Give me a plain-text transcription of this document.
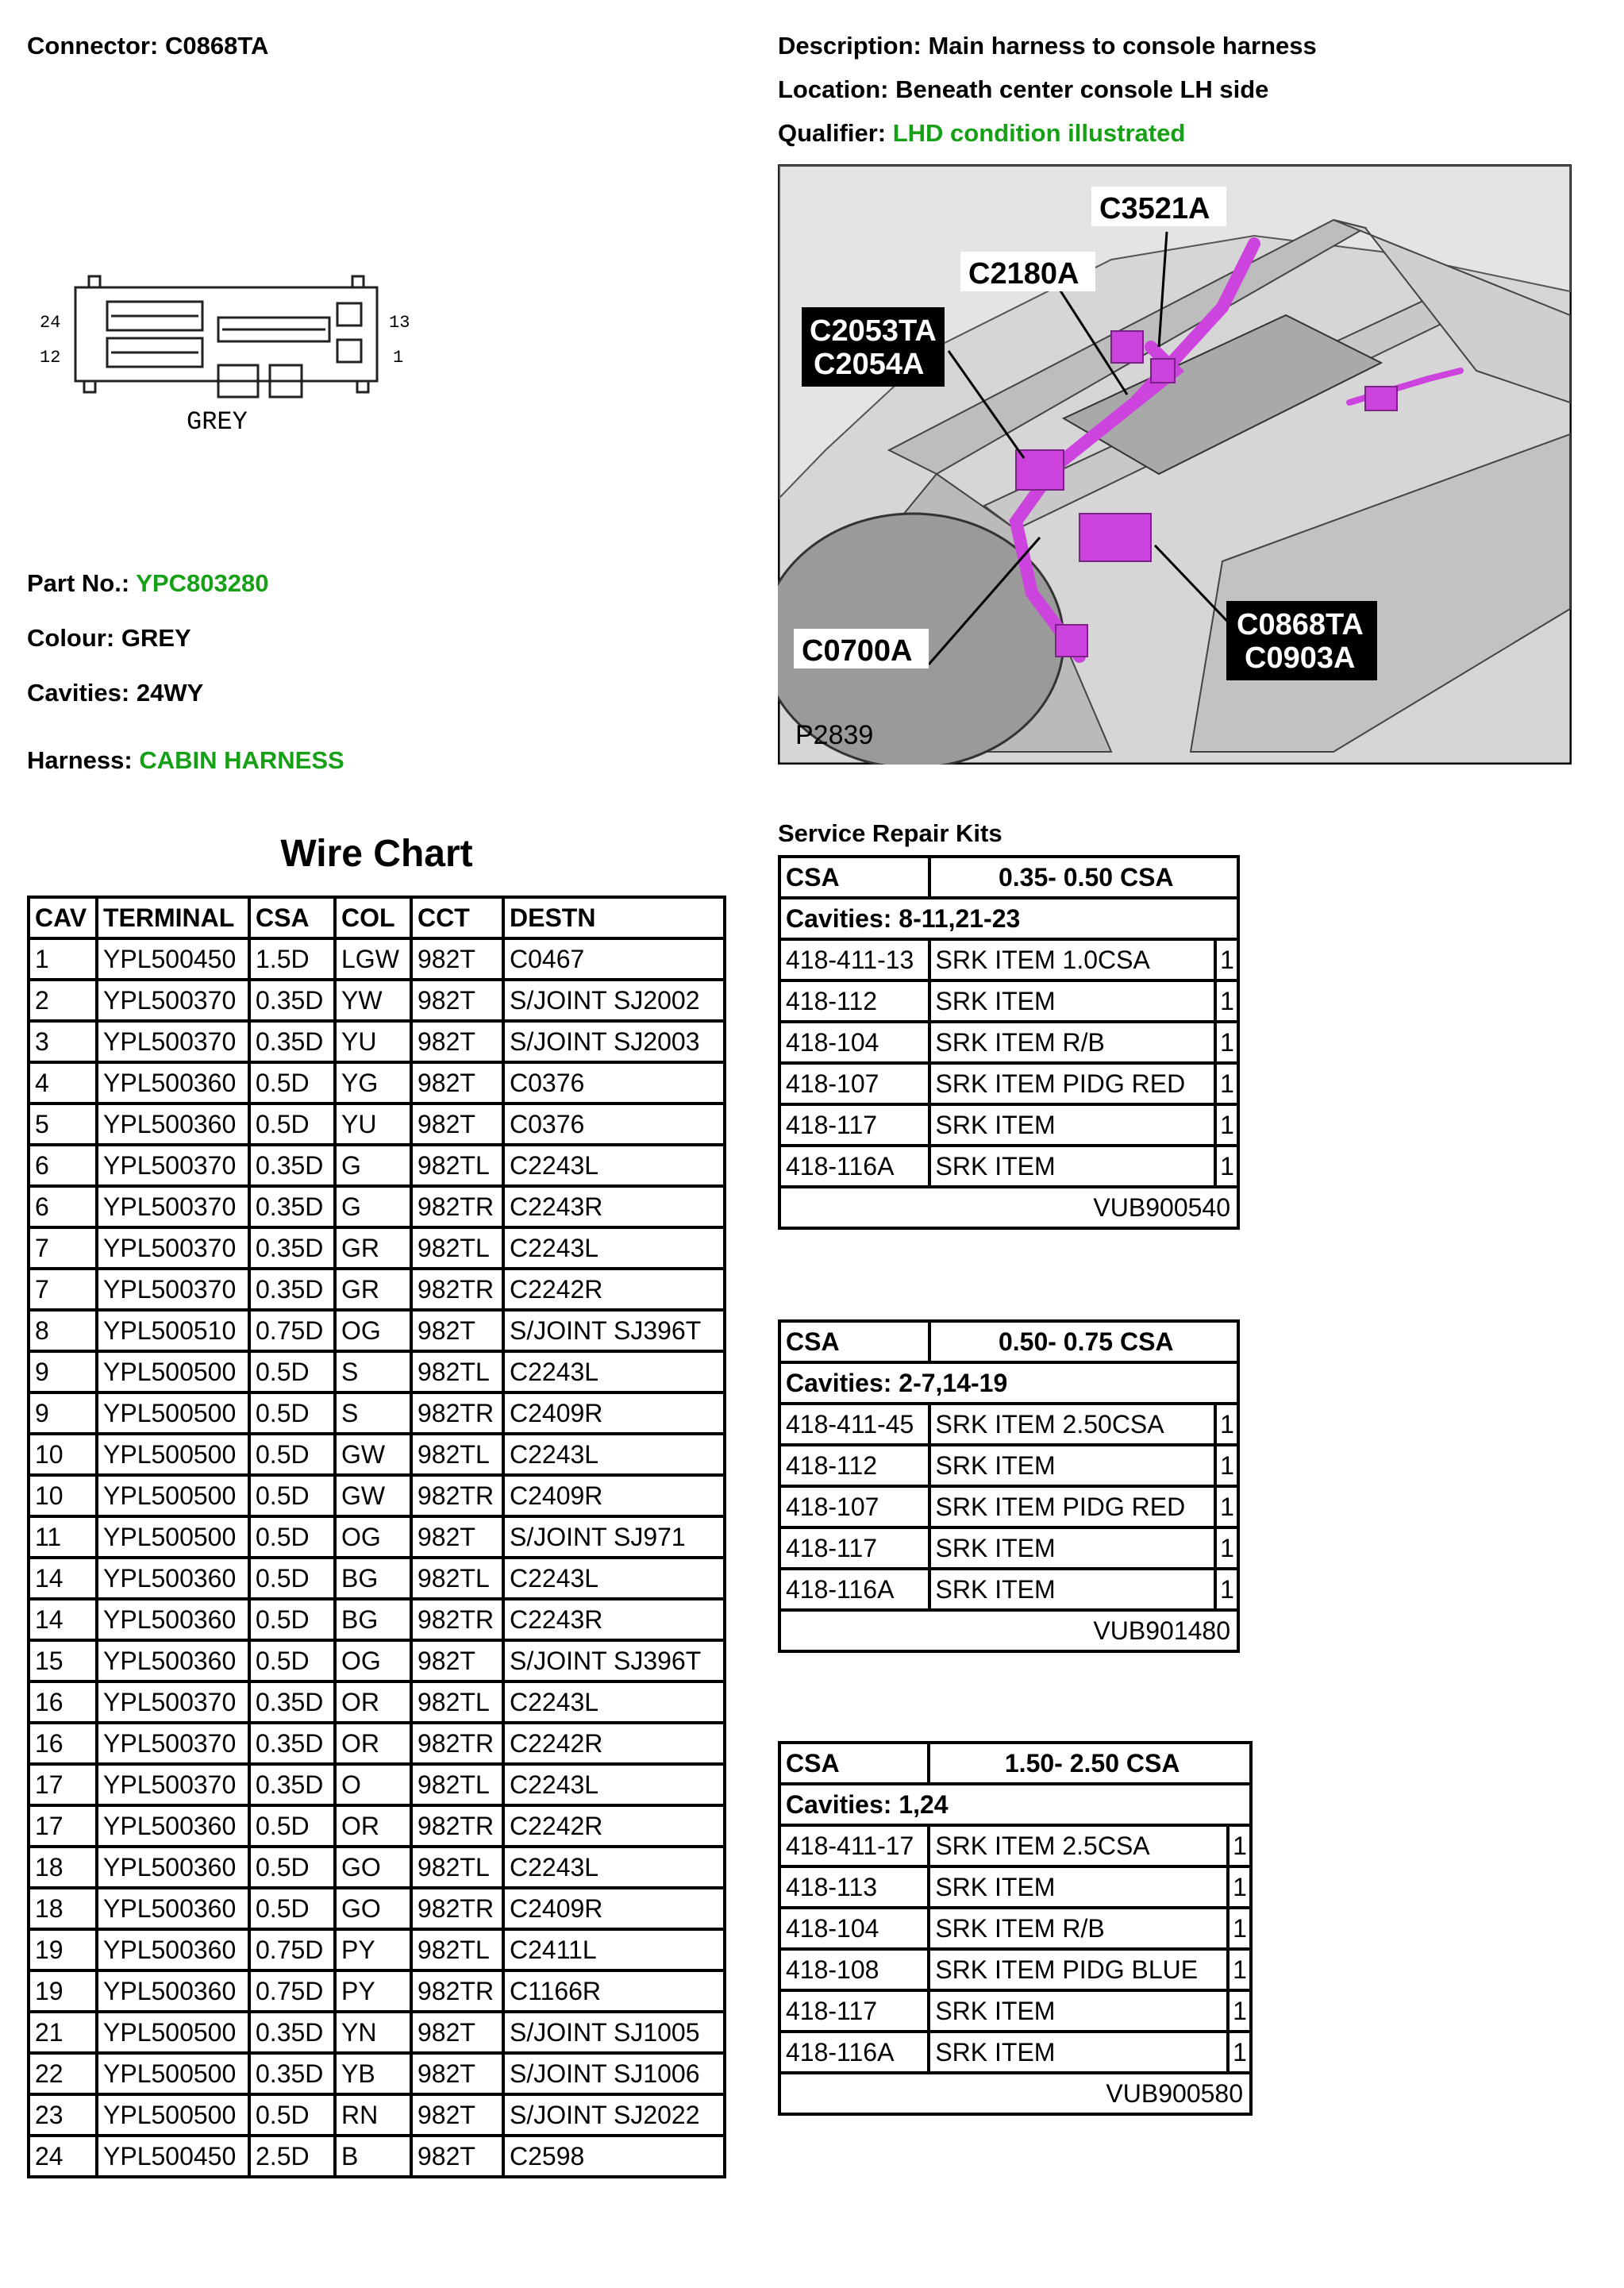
Connector: C0868TA	Description: Main harness to console harness
Location: Beneath center console LH side
Qualifier: LHD condition illustrated
24
12
13
1
GREY
Part No.: YPC803280
Colour: GREY
Cavities: 24WY
Harness: CABIN HARNESS
C3521A
C2180A
C2053TA
C2054A
C0700A
C0868TA
C0903A
P2839
Wire Chart
CAV	TERMINAL	CSA	COL	CCT	DESTN
1	YPL500450	1.5D	LGW	982T	C0467
2	YPL500370	0.35D	YW	982T	S/JOINT SJ2002
3	YPL500370	0.35D	YU	982T	S/JOINT SJ2003
4	YPL500360	0.5D	YG	982T	C0376
5	YPL500360	0.5D	YU	982T	C0376
6	YPL500370	0.35D	G	982TL	C2243L
6	YPL500370	0.35D	G	982TR	C2243R
7	YPL500370	0.35D	GR	982TL	C2243L
7	YPL500370	0.35D	GR	982TR	C2242R
8	YPL500510	0.75D	OG	982T	S/JOINT SJ396T
9	YPL500500	0.5D	S	982TL	C2243L
9	YPL500500	0.5D	S	982TR	C2409R
10	YPL500500	0.5D	GW	982TL	C2243L
10	YPL500500	0.5D	GW	982TR	C2409R
11	YPL500500	0.5D	OG	982T	S/JOINT SJ971
14	YPL500360	0.5D	BG	982TL	C2243L
14	YPL500360	0.5D	BG	982TR	C2243R
15	YPL500360	0.5D	OG	982T	S/JOINT SJ396T
16	YPL500370	0.35D	OR	982TL	C2243L
16	YPL500370	0.35D	OR	982TR	C2242R
17	YPL500370	0.35D	O	982TL	C2243L
17	YPL500360	0.5D	OR	982TR	C2242R
18	YPL500360	0.5D	GO	982TL	C2243L
18	YPL500360	0.5D	GO	982TR	C2409R
19	YPL500360	0.75D	PY	982TL	C2411L
19	YPL500360	0.75D	PY	982TR	C1166R
21	YPL500500	0.35D	YN	982T	S/JOINT SJ1005
22	YPL500500	0.35D	YB	982T	S/JOINT SJ1006
23	YPL500500	0.5D	RN	982T	S/JOINT SJ2022
24	YPL500450	2.5D	B	982T	C2598
Service Repair Kits
CSA	0.35- 0.50 CSA	
Cavities: 8-11,21-23		
418-411-13	SRK ITEM 1.0CSA	1
418-112	SRK ITEM	1
418-104	SRK ITEM R/B	1
418-107	SRK ITEM PIDG RED	1
418-117	SRK ITEM	1
418-116A	SRK ITEM	1
VUB900540		
CSA	0.50- 0.75 CSA	
Cavities: 2-7,14-19		
418-411-45	SRK ITEM 2.50CSA	1
418-112	SRK ITEM	1
418-107	SRK ITEM PIDG RED	1
418-117	SRK ITEM	1
418-116A	SRK ITEM	1
VUB901480		
CSA	1.50- 2.50 CSA	
Cavities: 1,24		
418-411-17	SRK ITEM 2.5CSA	1
418-113	SRK ITEM	1
418-104	SRK ITEM R/B	1
418-108	SRK ITEM PIDG BLUE	1
418-117	SRK ITEM	1
418-116A	SRK ITEM	1
VUB900580		
